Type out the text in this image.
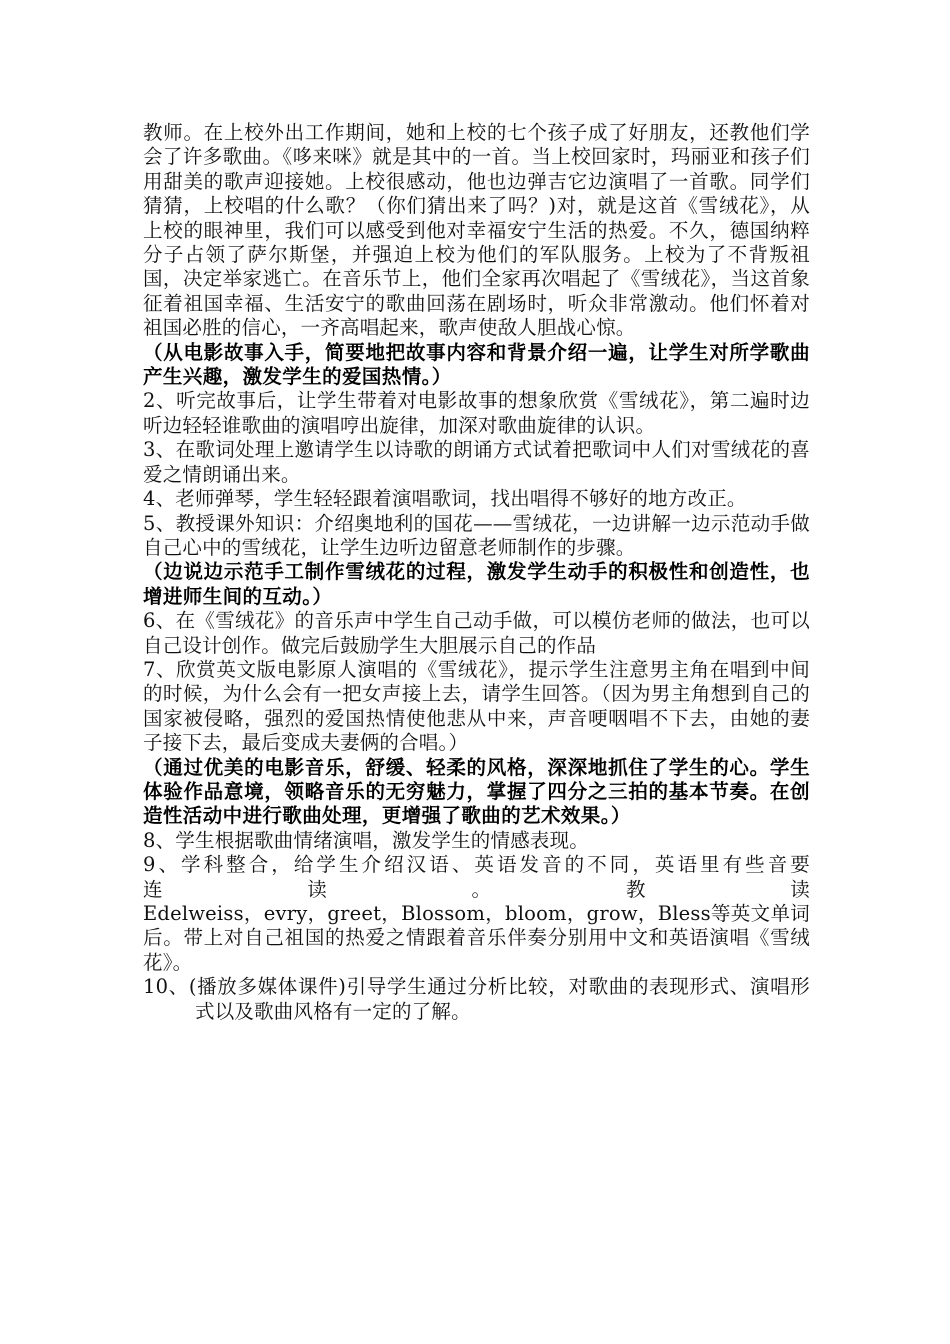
教师。在上校外出工作期间，她和上校的七个孩子成了好朋友，还教他们学会了许多歌曲。《哆来咪》就是其中的一首。当上校回家时，玛丽亚和孩子们用甜美的歌声迎接她。上校很感动，他也边弹吉它边演唱了一首歌。同学们猜猜，上校唱的什么歌？（你们猜出来了吗？)对，就是这首《雪绒花》，从上校的眼神里，我们可以感受到他对幸福安宁生活的热爱。不久，德国纳粹分子占领了萨尔斯堡，并强迫上校为他们的军队服务。上校为了不背叛祖国，决定举家逃亡。在音乐节上，他们全家再次唱起了《雪绒花》，当这首象征着祖国幸福、生活安宁的歌曲回荡在剧场时，听众非常激动。他们怀着对祖国必胜的信心，一齐高唱起来，歌声使敌人胆战心惊。

（从电影故事入手，简要地把故事内容和背景介绍一遍，让学生对所学歌曲产生兴趣，激发学生的爱国热情。）

2、听完故事后，让学生带着对电影故事的想象欣赏《雪绒花》，第二遍时边听边轻轻谁歌曲的演唱哼出旋律，加深对歌曲旋律的认识。

3、在歌词处理上邀请学生以诗歌的朗诵方式试着把歌词中人们对雪绒花的喜爱之情朗诵出来。

4、老师弹琴，学生轻轻跟着演唱歌词，找出唱得不够好的地方改正。

5、教授课外知识：介绍奥地利的国花——雪绒花，一边讲解一边示范动手做自己心中的雪绒花，让学生边听边留意老师制作的步骤。

（边说边示范手工制作雪绒花的过程，激发学生动手的积极性和创造性，也增进师生间的互动。）

6、在《雪绒花》的音乐声中学生自己动手做，可以模仿老师的做法，也可以自己设计创作。做完后鼓励学生大胆展示自己的作品

7、欣赏英文版电影原人演唱的《雪绒花》，提示学生注意男主角在唱到中间的时候，为什么会有一把女声接上去，请学生回答。（因为男主角想到自己的国家被侵略，强烈的爱国热情使他悲从中来，声音哽咽唱不下去，由她的妻子接下去，最后变成夫妻俩的合唱。）

（通过优美的电影音乐，舒缓、轻柔的风格，深深地抓住了学生的心。学生体验作品意境，领略音乐的无穷魅力，掌握了四分之三拍的基本节奏。在创造性活动中进行歌曲处理，更增强了歌曲的艺术效果。）

8、学生根据歌曲情绪演唱，激发学生的情感表现。

9、学科整合，给学生介绍汉语、英语发音的不同，英语里有些音要　　　　连　　　　读　　　　。　　　　教　　　　读

Edelweiss，evry，greet，Blossom，bloom，grow，Bless等英文单词后。带上对自己祖国的热爱之情跟着音乐伴奏分别用中文和英语演唱《雪绒花》。

10、(播放多媒体课件)引导学生通过分析比较，对歌曲的表现形式、演唱形式以及歌曲风格有一定的了解。
